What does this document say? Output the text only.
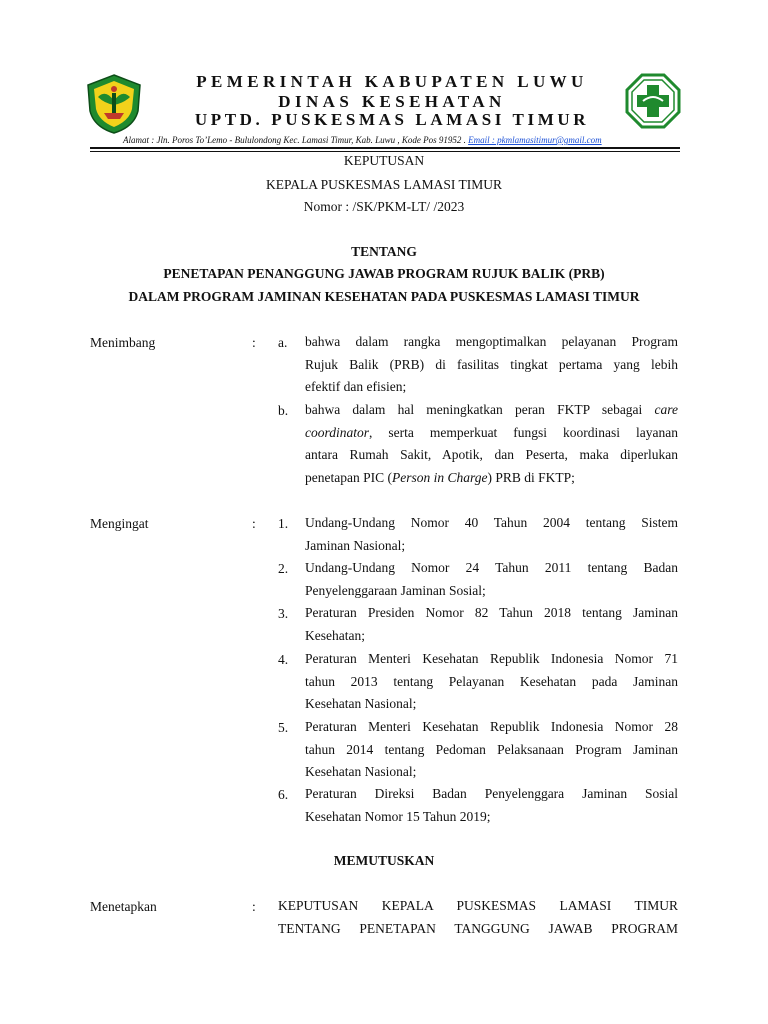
PEMERINTAH KABUPATEN LUWU
DINAS KESEHATAN
UPTD. PUSKESMAS LAMASI TIMUR
Alamat : Jln. Poros To’Lemo - Bululondong Kec. Lamasi Timur, Kab. Luwu , Kode Pos 91952 . Email : pkmlamasitimur@gmail.com
KEPUTUSAN
KEPALA PUSKESMAS LAMASI TIMUR
Nomor : /SK/PKM-LT/ /2023
TENTANG
PENETAPAN PENANGGUNG JAWAB PROGRAM RUJUK BALIK (PRB)
DALAM PROGRAM JAMINAN KESEHATAN PADA PUSKESMAS LAMASI TIMUR
Menimbang	: a. bahwa dalam rangka mengoptimalkan pelayanan Program
Rujuk Balik (PRB) di fasilitas tingkat pertama yang lebih
efektif dan efisien;
b. bahwa dalam hal meningkatkan peran FKTP sebagai care
coordinator, serta memperkuat fungsi koordinasi layanan
antara Rumah Sakit, Apotik, dan Peserta, maka diperlukan
penetapan PIC (Person in Charge) PRB di FKTP;
Mengingat	: 1. Undang-Undang Nomor 40 Tahun 2004 tentang Sistem
Jaminan Nasional;
2. Undang-Undang Nomor 24 Tahun 2011 tentang Badan
Penyelenggaraan Jaminan Sosial;
3. Peraturan Presiden Nomor 82 Tahun 2018 tentang Jaminan
Kesehatan;
4. Peraturan Menteri Kesehatan Republik Indonesia Nomor 71
tahun 2013 tentang Pelayanan Kesehatan pada Jaminan
Kesehatan Nasional;
5. Peraturan Menteri Kesehatan Republik Indonesia Nomor 28
tahun 2014 tentang Pedoman Pelaksanaan Program Jaminan
Kesehatan Nasional;
6. Peraturan Direksi Badan Penyelenggara Jaminan Sosial
Kesehatan Nomor 15 Tahun 2019;
MEMUTUSKAN
Menetapkan	: KEPUTUSAN KEPALA PUSKESMAS LAMASI TIMUR
TENTANG PENETAPAN TANGGUNG JAWAB PROGRAM
